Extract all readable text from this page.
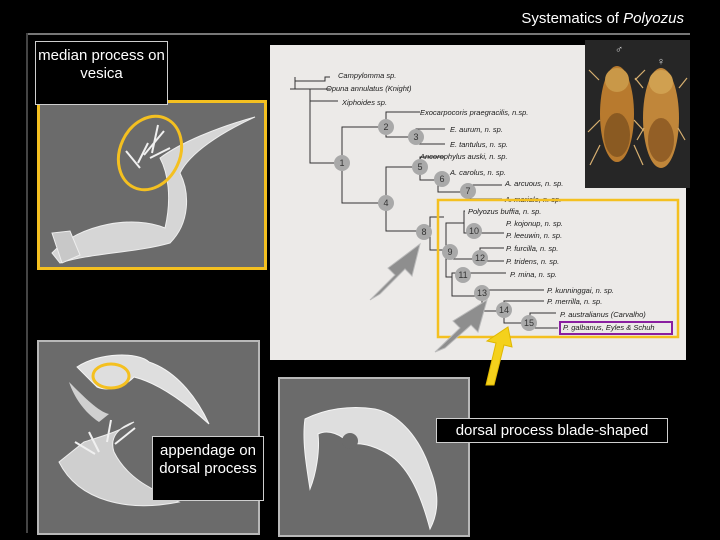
Systematics of Polyozus
median process on vesica
appendage on dorsal process
Campylomma sp.
Opuna annulatus (Knight)
Xiphoides sp.
Exocarpocoris praegracilis, n.sp.
E. aurum, n. sp.
E. tantulus, n. sp.
Ancorophylus auski, n. sp.
A. carolus, n. sp.
A. arcuous, n. sp.
A. mariale, n. sp.
Polyozus buffia, n. sp.
P. kojonup, n. sp.
P. leeuwin, n. sp.
P. furcilla, n. sp.
P. tridens, n. sp.
P. mina, n. sp.
P. kunninggai, n. sp.
P. merrilla, n. sp.
P. australianus (Carvalho)
P. galbanus, Eyles & Schuh
1
2
3
4
5
6
7
8
9
10
11
12
13
14
15
♂
♀
dorsal process blade-shaped
